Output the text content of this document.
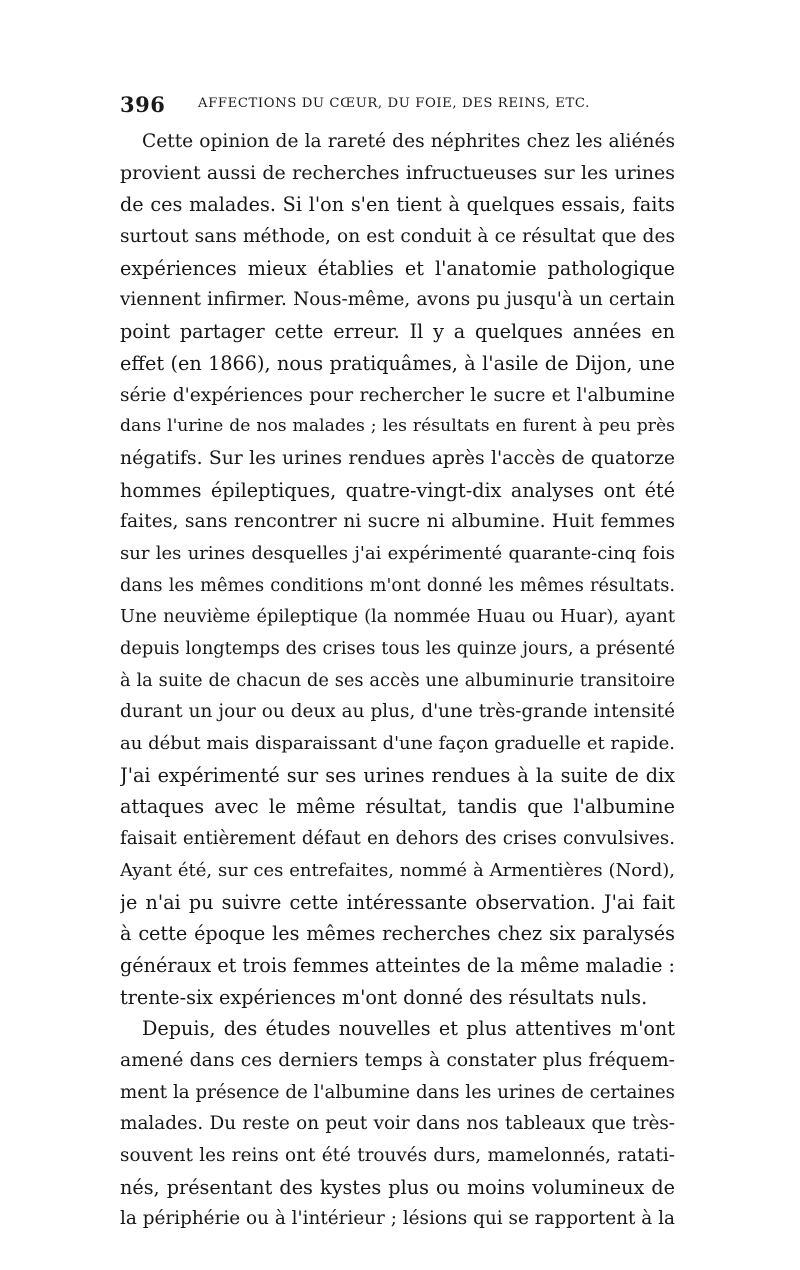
396 AFFECTIONS DU CŒUR, DU FOIE, DES REINS, ETC.
Cette opinion de la rareté des néphrites chez les aliénés
provient aussi de recherches infructueuses sur les urines
de ces malades. Si l'on s'en tient à quelques essais, faits
surtout sans méthode, on est conduit à ce résultat que des
expériences mieux établies et l'anatomie pathologique
viennent infirmer. Nous-même, avons pu jusqu'à un certain
point partager cette erreur. Il y a quelques années en
effet (en 1866), nous pratiquâmes, à l'asile de Dijon, une
série d'expériences pour rechercher le sucre et l'albumine
dans l'urine de nos malades ; les résultats en furent à peu près
négatifs. Sur les urines rendues après l'accès de quatorze
hommes épileptiques, quatre-vingt-dix analyses ont été
faites, sans rencontrer ni sucre ni albumine. Huit femmes
sur les urines desquelles j'ai expérimenté quarante-cinq fois
dans les mêmes conditions m'ont donné les mêmes résultats.
Une neuvième épileptique (la nommée Huau ou Huar), ayant
depuis longtemps des crises tous les quinze jours, a présenté
à la suite de chacun de ses accès une albuminurie transitoire
durant un jour ou deux au plus, d'une très-grande intensité
au début mais disparaissant d'une façon graduelle et rapide.
J'ai expérimenté sur ses urines rendues à la suite de dix
attaques avec le même résultat, tandis que l'albumine
faisait entièrement défaut en dehors des crises convulsives.
Ayant été, sur ces entrefaites, nommé à Armentières (Nord),
je n'ai pu suivre cette intéressante observation. J'ai fait
à cette époque les mêmes recherches chez six paralysés
généraux et trois femmes atteintes de la même maladie :
trente-six expériences m'ont donné des résultats nuls.
Depuis, des études nouvelles et plus attentives m'ont
amené dans ces derniers temps à constater plus fréquem-
ment la présence de l'albumine dans les urines de certaines
malades. Du reste on peut voir dans nos tableaux que très-
souvent les reins ont été trouvés durs, mamelonnés, ratati-
nés, présentant des kystes plus ou moins volumineux de
la périphérie ou à l'intérieur ; lésions qui se rapportent à la
